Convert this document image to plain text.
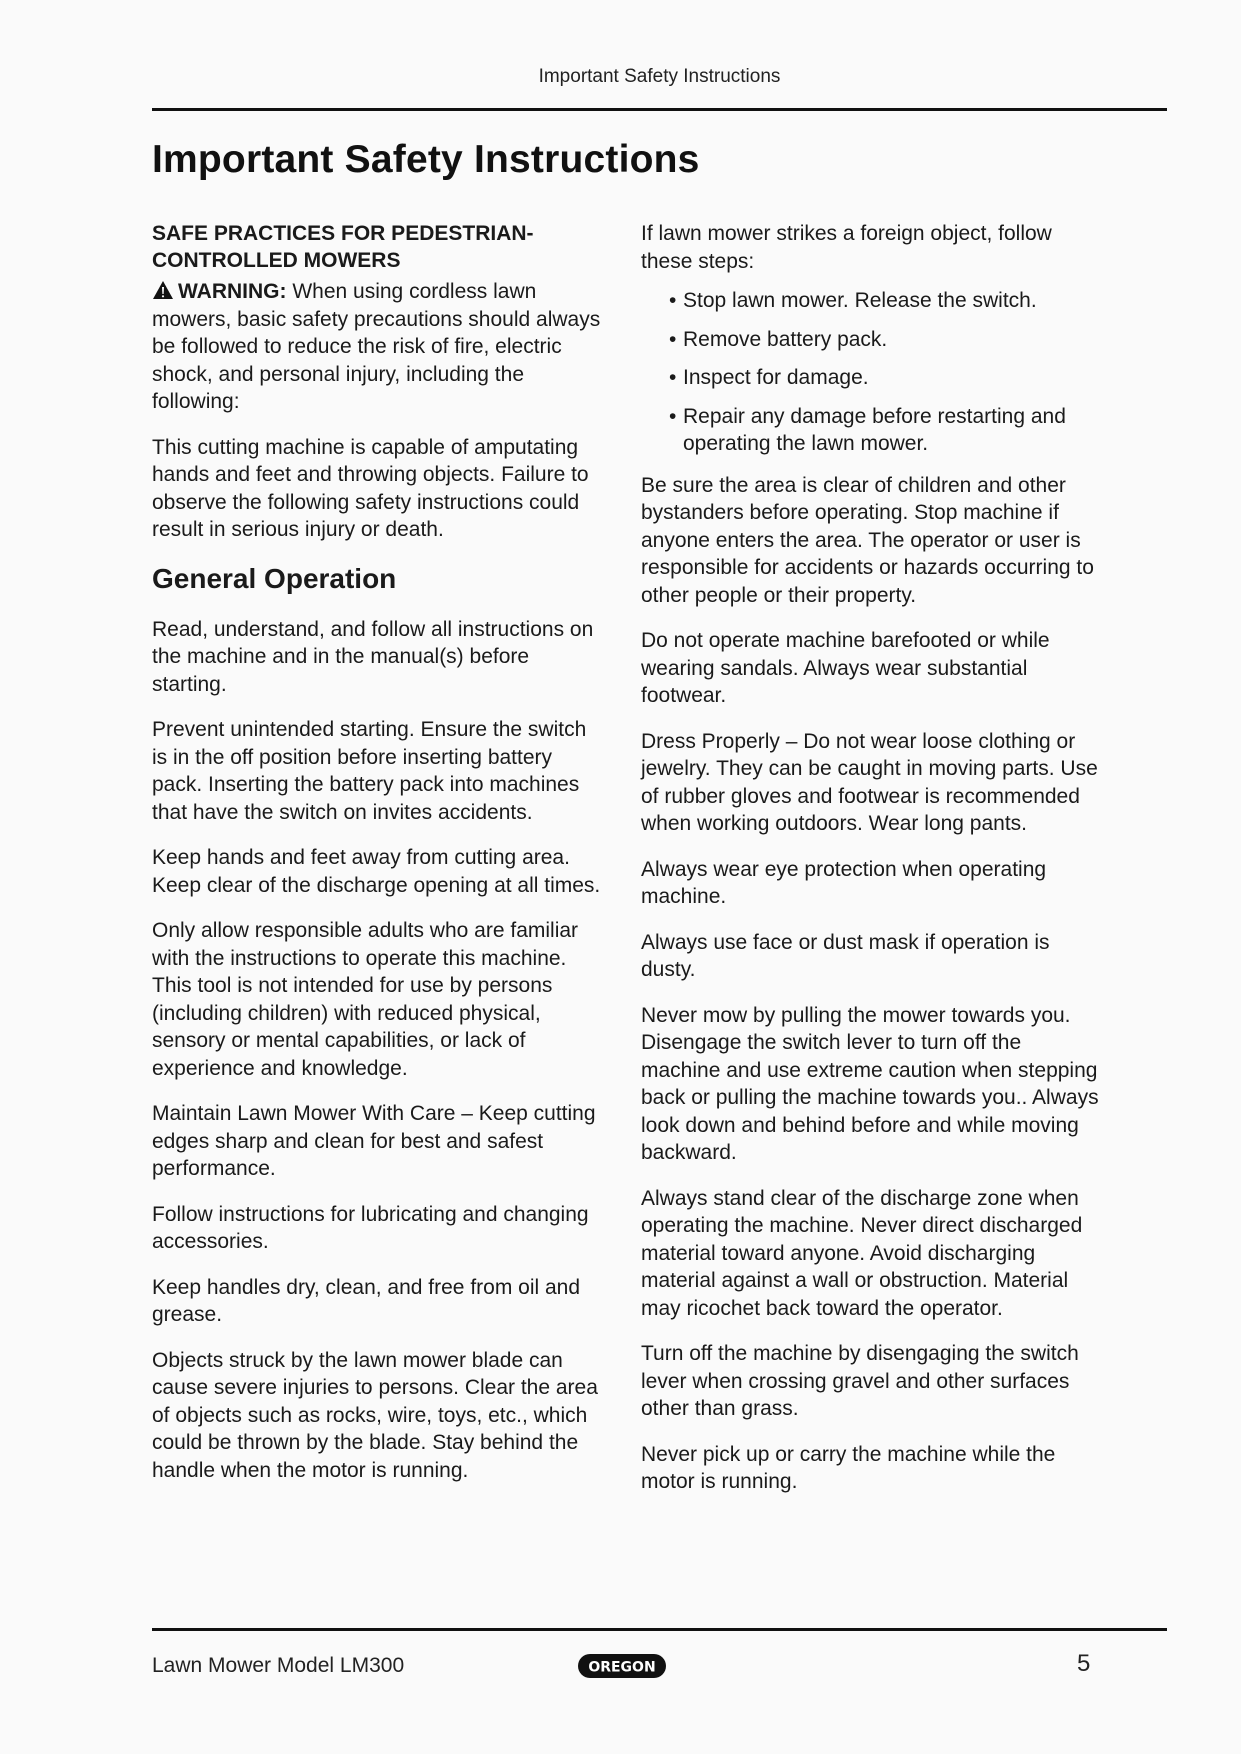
Important Safety Instructions
Important Safety Instructions
SAFE PRACTICES FOR PEDESTRIAN-CONTROLLED MOWERS

WARNING: When using cordless lawn mowers, basic safety precautions should always be followed to reduce the risk of fire, electric shock, and personal injury, including the following:

This cutting machine is capable of amputating hands and feet and throwing objects. Failure to observe the following safety instructions could result in serious injury or death.

General Operation

Read, understand, and follow all instructions on the machine and in the manual(s) before starting.

Prevent unintended starting. Ensure the switch is in the off position before inserting battery pack. Inserting the battery pack into machines that have the switch on invites accidents.

Keep hands and feet away from cutting area. Keep clear of the discharge opening at all times.

Only allow responsible adults who are familiar with the instructions to operate this machine. This tool is not intended for use by persons (including children) with reduced physical, sensory or mental capabilities, or lack of experience and knowledge.

Maintain Lawn Mower With Care – Keep cutting edges sharp and clean for best and safest performance.

Follow instructions for lubricating and changing accessories.

Keep handles dry, clean, and free from oil and grease.

Objects struck by the lawn mower blade can cause severe injuries to persons. Clear the area of objects such as rocks, wire, toys, etc., which could be thrown by the blade. Stay behind the handle when the motor is running.

If lawn mower strikes a foreign object, follow these steps:

• Stop lawn mower. Release the switch.
• Remove battery pack.
• Inspect for damage.
• Repair any damage before restarting and operating the lawn mower.

Be sure the area is clear of children and other bystanders before operating. Stop machine if anyone enters the area. The operator or user is responsible for accidents or hazards occurring to other people or their property.

Do not operate machine barefooted or while wearing sandals. Always wear substantial footwear.

Dress Properly – Do not wear loose clothing or jewelry. They can be caught in moving parts. Use of rubber gloves and footwear is recommended when working outdoors. Wear long pants.

Always wear eye protection when operating machine.

Always use face or dust mask if operation is dusty.

Never mow by pulling the mower towards you. Disengage the switch lever to turn off the machine and use extreme caution when stepping back or pulling the machine towards you.. Always look down and behind before and while moving backward.

Always stand clear of the discharge zone when operating the machine. Never direct discharged material toward anyone. Avoid discharging material against a wall or obstruction. Material may ricochet back toward the operator.

Turn off the machine by disengaging the switch lever when crossing gravel and other surfaces other than grass.

Never pick up or carry the machine while the motor is running.

Lawn Mower Model LM300	OREGON	5
